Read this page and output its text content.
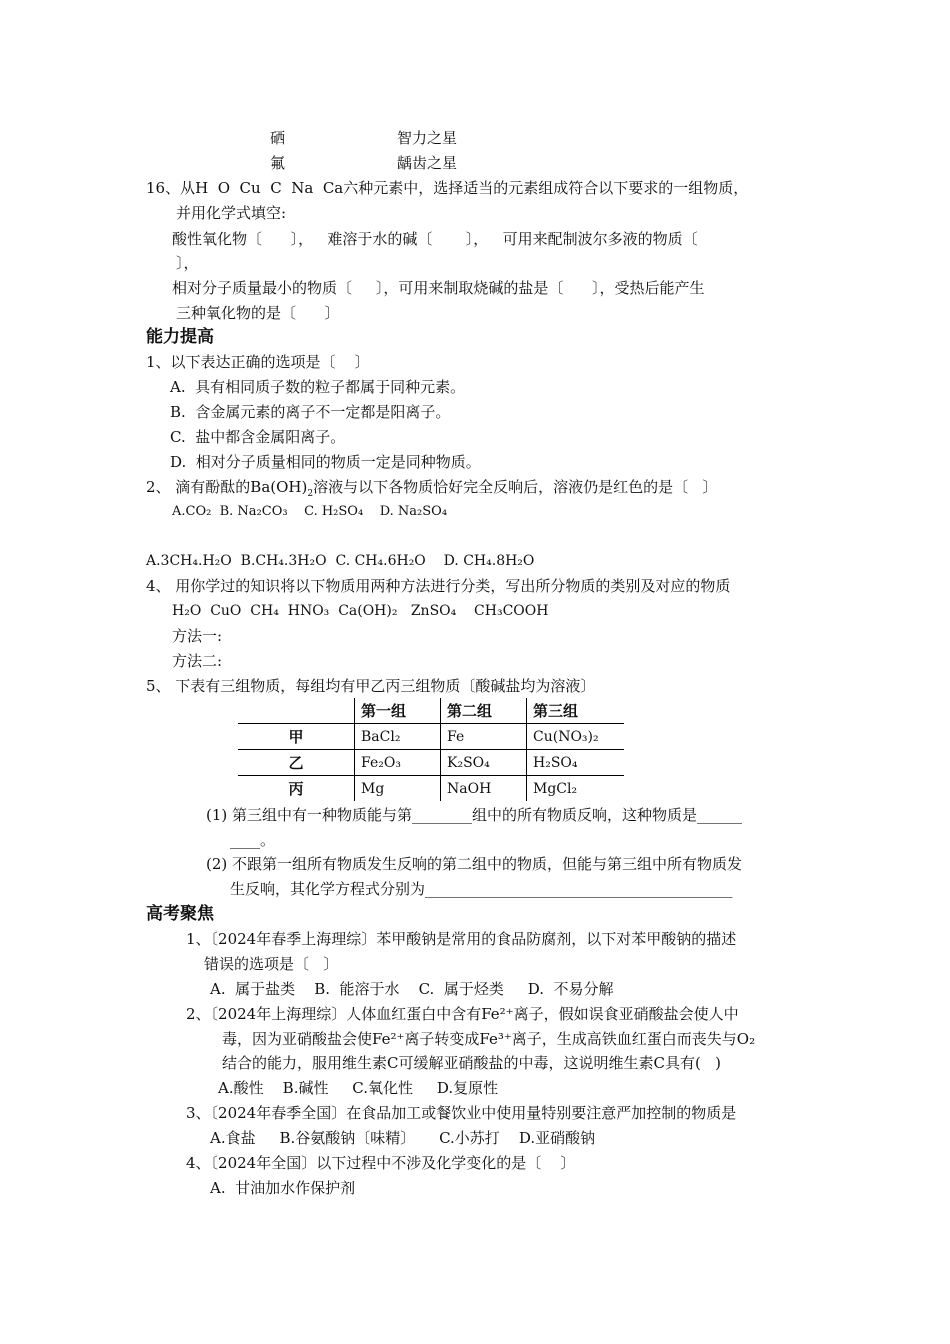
硒	智力之星
氟	龋齿之星
16、从H  O  Cu  C  Na  Ca六种元素中，选择适当的元素组成符合以下要求的一组物质，
并用化学式填空:
酸性氧化物〔      〕，   难溶于水的碱〔       〕，   可用来配制波尔多液的物质〔
〕，
相对分子质量最小的物质〔     〕，可用来制取烧碱的盐是〔      〕，受热后能产生
三种氧化物的是〔      〕
能力提高
1、以下表达正确的选项是〔    〕
A.  具有相同质子数的粒子都属于同种元素。
B.  含金属元素的离子不一定都是阳离子。
C.  盐中都含金属阳离子。
D.  相对分子质量相同的物质一定是同种物质。
2、 滴有酚酞的$Ba(OH)_2$溶液与以下各物质恰好完全反响后，溶液仍是红色的是〔   〕
A.CO₂  B. Na₂CO₃    C. H₂SO₄    D. Na₂SO₄
A.3CH₄.H₂O  B.CH₄.3H₂O  C. CH₄.6H₂O    D. CH₄.8H₂O
4、 用你学过的知识将以下物质用两种方法进行分类，写出所分物质的类别及对应的物质
H₂O  CuO  CH₄  HNO₃  Ca(OH)₂   ZnSO₄    CH₃COOH
方法一:
方法二:
5、 下表有三组物质，每组均有甲乙丙三组物质〔酸碱盐均为溶液〕
	第一组	第二组	第三组
甲	BaCl₂	Fe	Cu(NO₃)₂
乙	Fe₂O₃	K₂SO₄	H₂SO₄
丙	Mg	NaOH	MgCl₂
(1) 第三组中有一种物质能与第________组中的所有物质反响，这种物质是______
____。
(2) 不跟第一组所有物质发生反响的第二组中的物质，但能与第三组中所有物质发
生反响，其化学方程式分别为_________________________________________
高考聚焦
1、〔2024年春季上海理综〕苯甲酸钠是常用的食品防腐剂，以下对苯甲酸钠的描述
错误的选项是〔   〕
A.  属于盐类    B.  能溶于水    C.  属于烃类     D.  不易分解
2、〔2024年上海理综〕人体血红蛋白中含有Fe²⁺离子，假如误食亚硝酸盐会使人中
毒，因为亚硝酸盐会使Fe²⁺离子转变成Fe³⁺离子，生成高铁血红蛋白而丧失与O₂
结合的能力，服用维生素C可缓解亚硝酸盐的中毒，这说明维生素C具有(   )
A.酸性    B.碱性     C.氧化性     D.复原性
3、〔2024年春季全国〕在食品加工或餐饮业中使用量特别要注意严加控制的物质是
A.食盐     B.谷氨酸钠〔味精〕     C.小苏打    D.亚硝酸钠
4、〔2024年全国〕以下过程中不涉及化学变化的是〔    〕
A.  甘油加水作保护剂
